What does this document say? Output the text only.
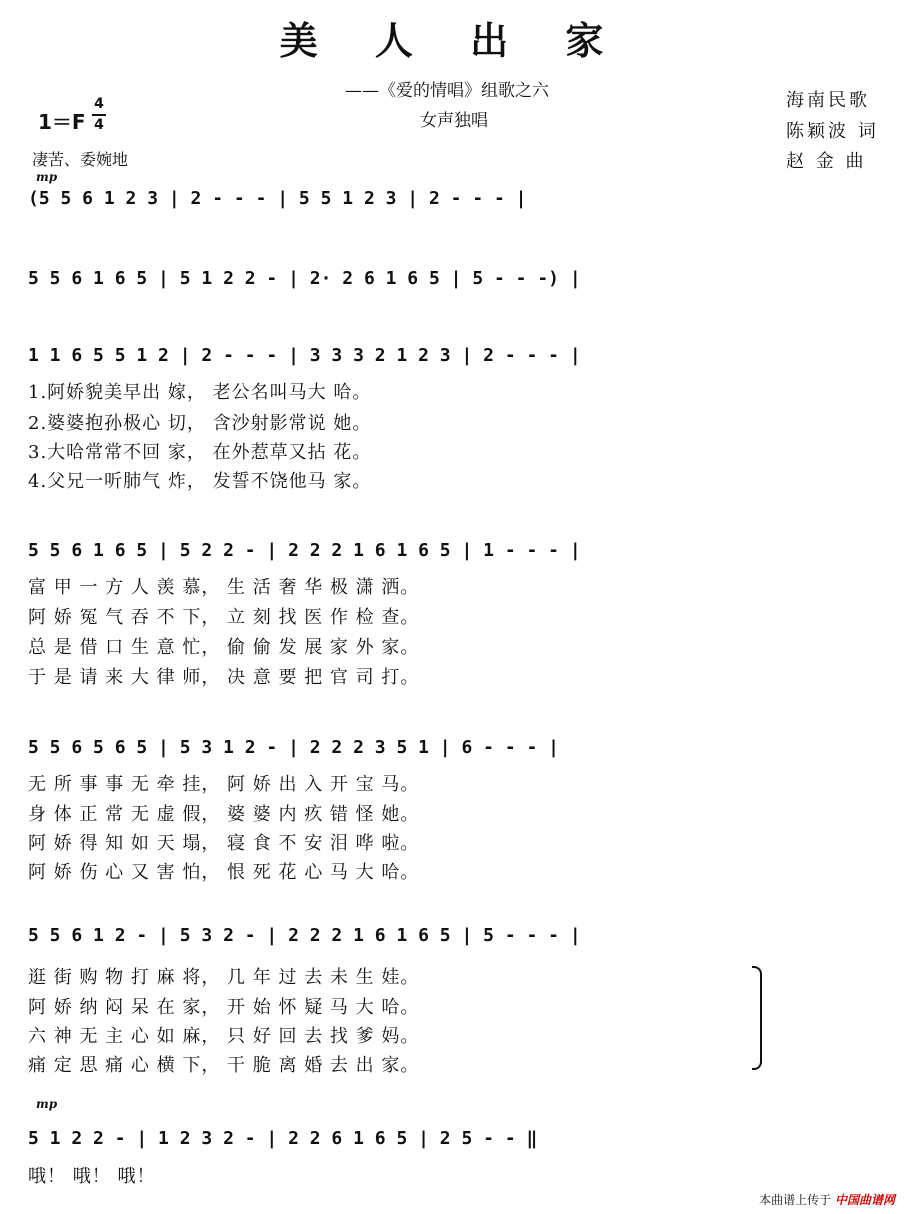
美 人 出 家
——《爱的情唱》组歌之六
女声独唱
海南民歌
陈颖波 词
赵 金 曲
1＝F
4
4
凄苦、委婉地
mp
mp
(5 5 6 1 2 3 | 2 - - - | 5 5 1 2 3 | 2 - - - |
5 5 6 1 6 5 | 5 1 2 2 - | 2· 2 6 1 6 5 | 5 - - -) |
1 1 6 5 5 1 2 | 2 - - - | 3 3 3 2 1 2 3 | 2 - - - |
1.阿娇貌美早出 嫁， 老公名叫马大 哈。
2.婆婆抱孙极心 切， 含沙射影常说 她。
3.大哈常常不回 家， 在外惹草又拈 花。
4.父兄一听肺气 炸， 发誓不饶他马 家。
5 5 6 1 6 5 | 5 2 2 - | 2 2 2 1 6 1 6 5 | 1 - - - |
富 甲 一 方 人 羡 慕， 生 活 奢 华 极 潇 洒。
阿 娇 冤 气 吞 不 下， 立 刻 找 医 作 检 查。
总 是 借 口 生 意 忙， 偷 偷 发 展 家 外 家。
于 是 请 来 大 律 师， 决 意 要 把 官 司 打。
5 5 6 5 6 5 | 5 3 1 2 - | 2 2 2 3 5 1 | 6 - - - |
无 所 事 事 无 牵 挂， 阿 娇 出 入 开 宝 马。
身 体 正 常 无 虚 假， 婆 婆 内 疚 错 怪 她。
阿 娇 得 知 如 天 塌， 寝 食 不 安 泪 哗 啦。
阿 娇 伤 心 又 害 怕， 恨 死 花 心 马 大 哈。
5 5 6 1 2 - | 5 3 2 - | 2 2 2 1 6 1 6 5 | 5 - - - |
逛 街 购 物 打 麻 将， 几 年 过 去 未 生 娃。
阿 娇 纳 闷 呆 在 家， 开 始 怀 疑 马 大 哈。
六 神 无 主 心 如 麻， 只 好 回 去 找 爹 妈。
痛 定 思 痛 心 横 下， 干 脆 离 婚 去 出 家。
5 1 2 2 - | 1 2 3 2 - | 2 2 6 1 6 5 | 2 5 - - ‖
哦！ 哦！ 哦！
本曲谱上传于 中国曲谱网
